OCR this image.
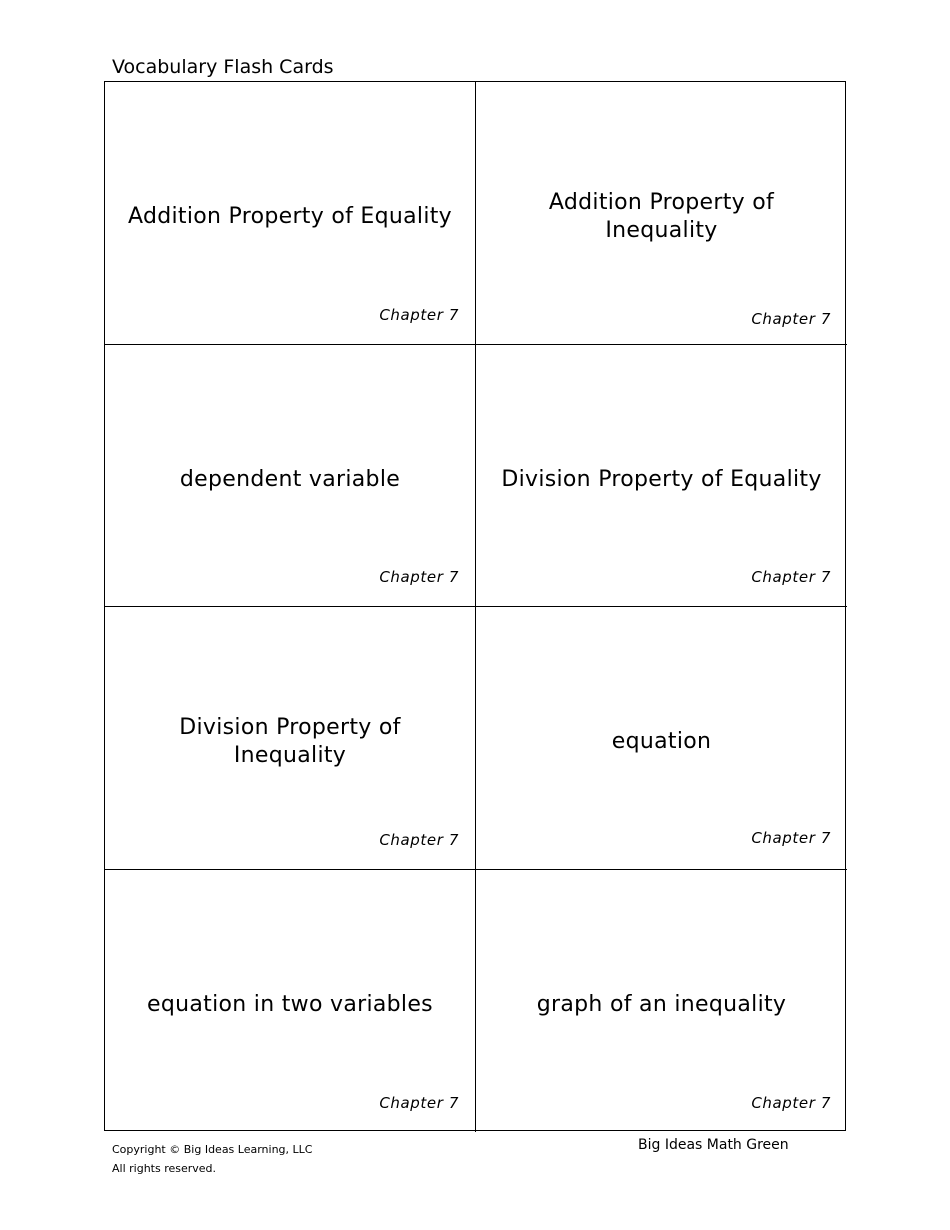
Vocabulary Flash Cards
Addition Property of Equality
Chapter 7
Addition Property of Inequality
Chapter 7
dependent variable
Chapter 7
Division Property of Equality
Chapter 7
Division Property of Inequality
Chapter 7
equation
Chapter 7
equation in two variables
Chapter 7
graph of an inequality
Chapter 7
Copyright © Big Ideas Learning, LLC
All rights reserved.
Big Ideas Math Green
